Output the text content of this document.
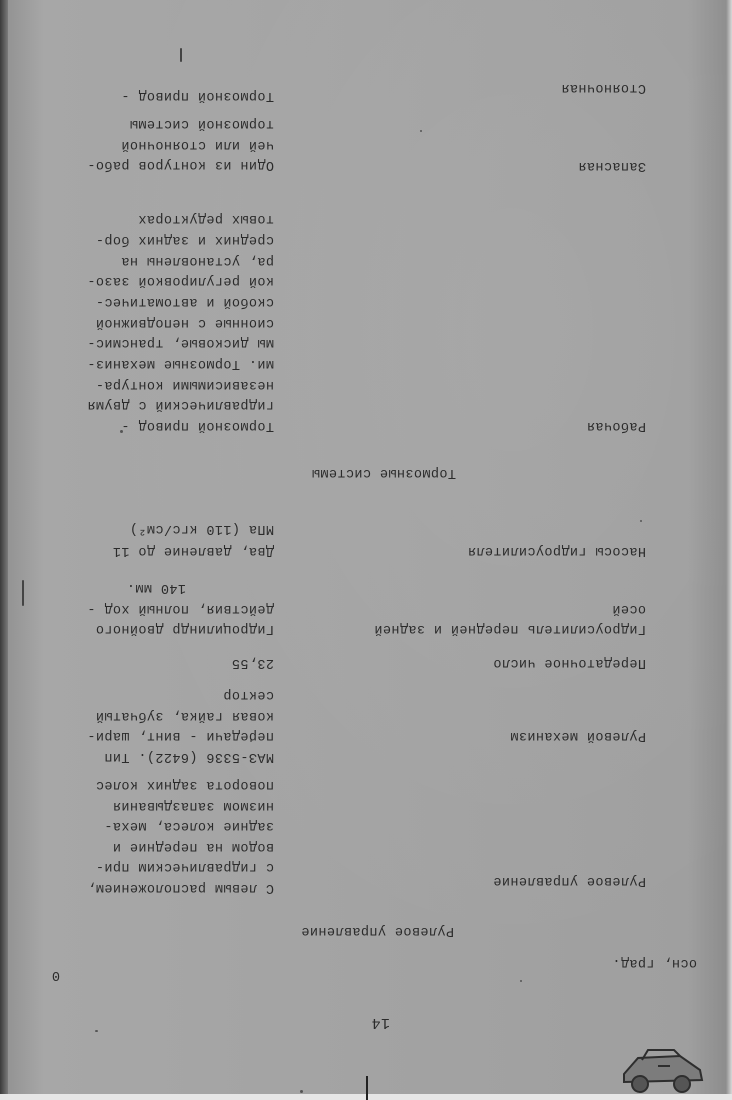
14
осн, град.
0
Рулевое управление
Рулевое управление
С левым расположением,
с гидравлическим при-
водом на передние и
задние колеса, меха-
низмом запаздывания
поворота задних колес
Рулевой механизм
МАЗ-5336 (6422). Тип
передачи - винт, шари-
ковая гайка, зубчатый
сектор
Передаточное число
23,55
Гидроусилитель передней и задней
осей
Гидроцилиндр двойного
действия, полный ход -
140 мм.
Насосы гидроусилителя
Два, давление до 11
МПа (110 кгс/см²)
Тормозные системы
Рабочая
Тормозной привод -
гидравлический с двумя
независимыми контура-
ми. Тормозные механиз-
мы дисковые, трансмис-
сионные с неподвижной
скобой и автоматичес-
кой регулировкой зазо-
ра, установлены на
средних и задних бор-
товых редукторах
Запасная
Один из контуров рабо-
чей или стояночной
тормозной системы
Стояночная
Тормозной привод -
